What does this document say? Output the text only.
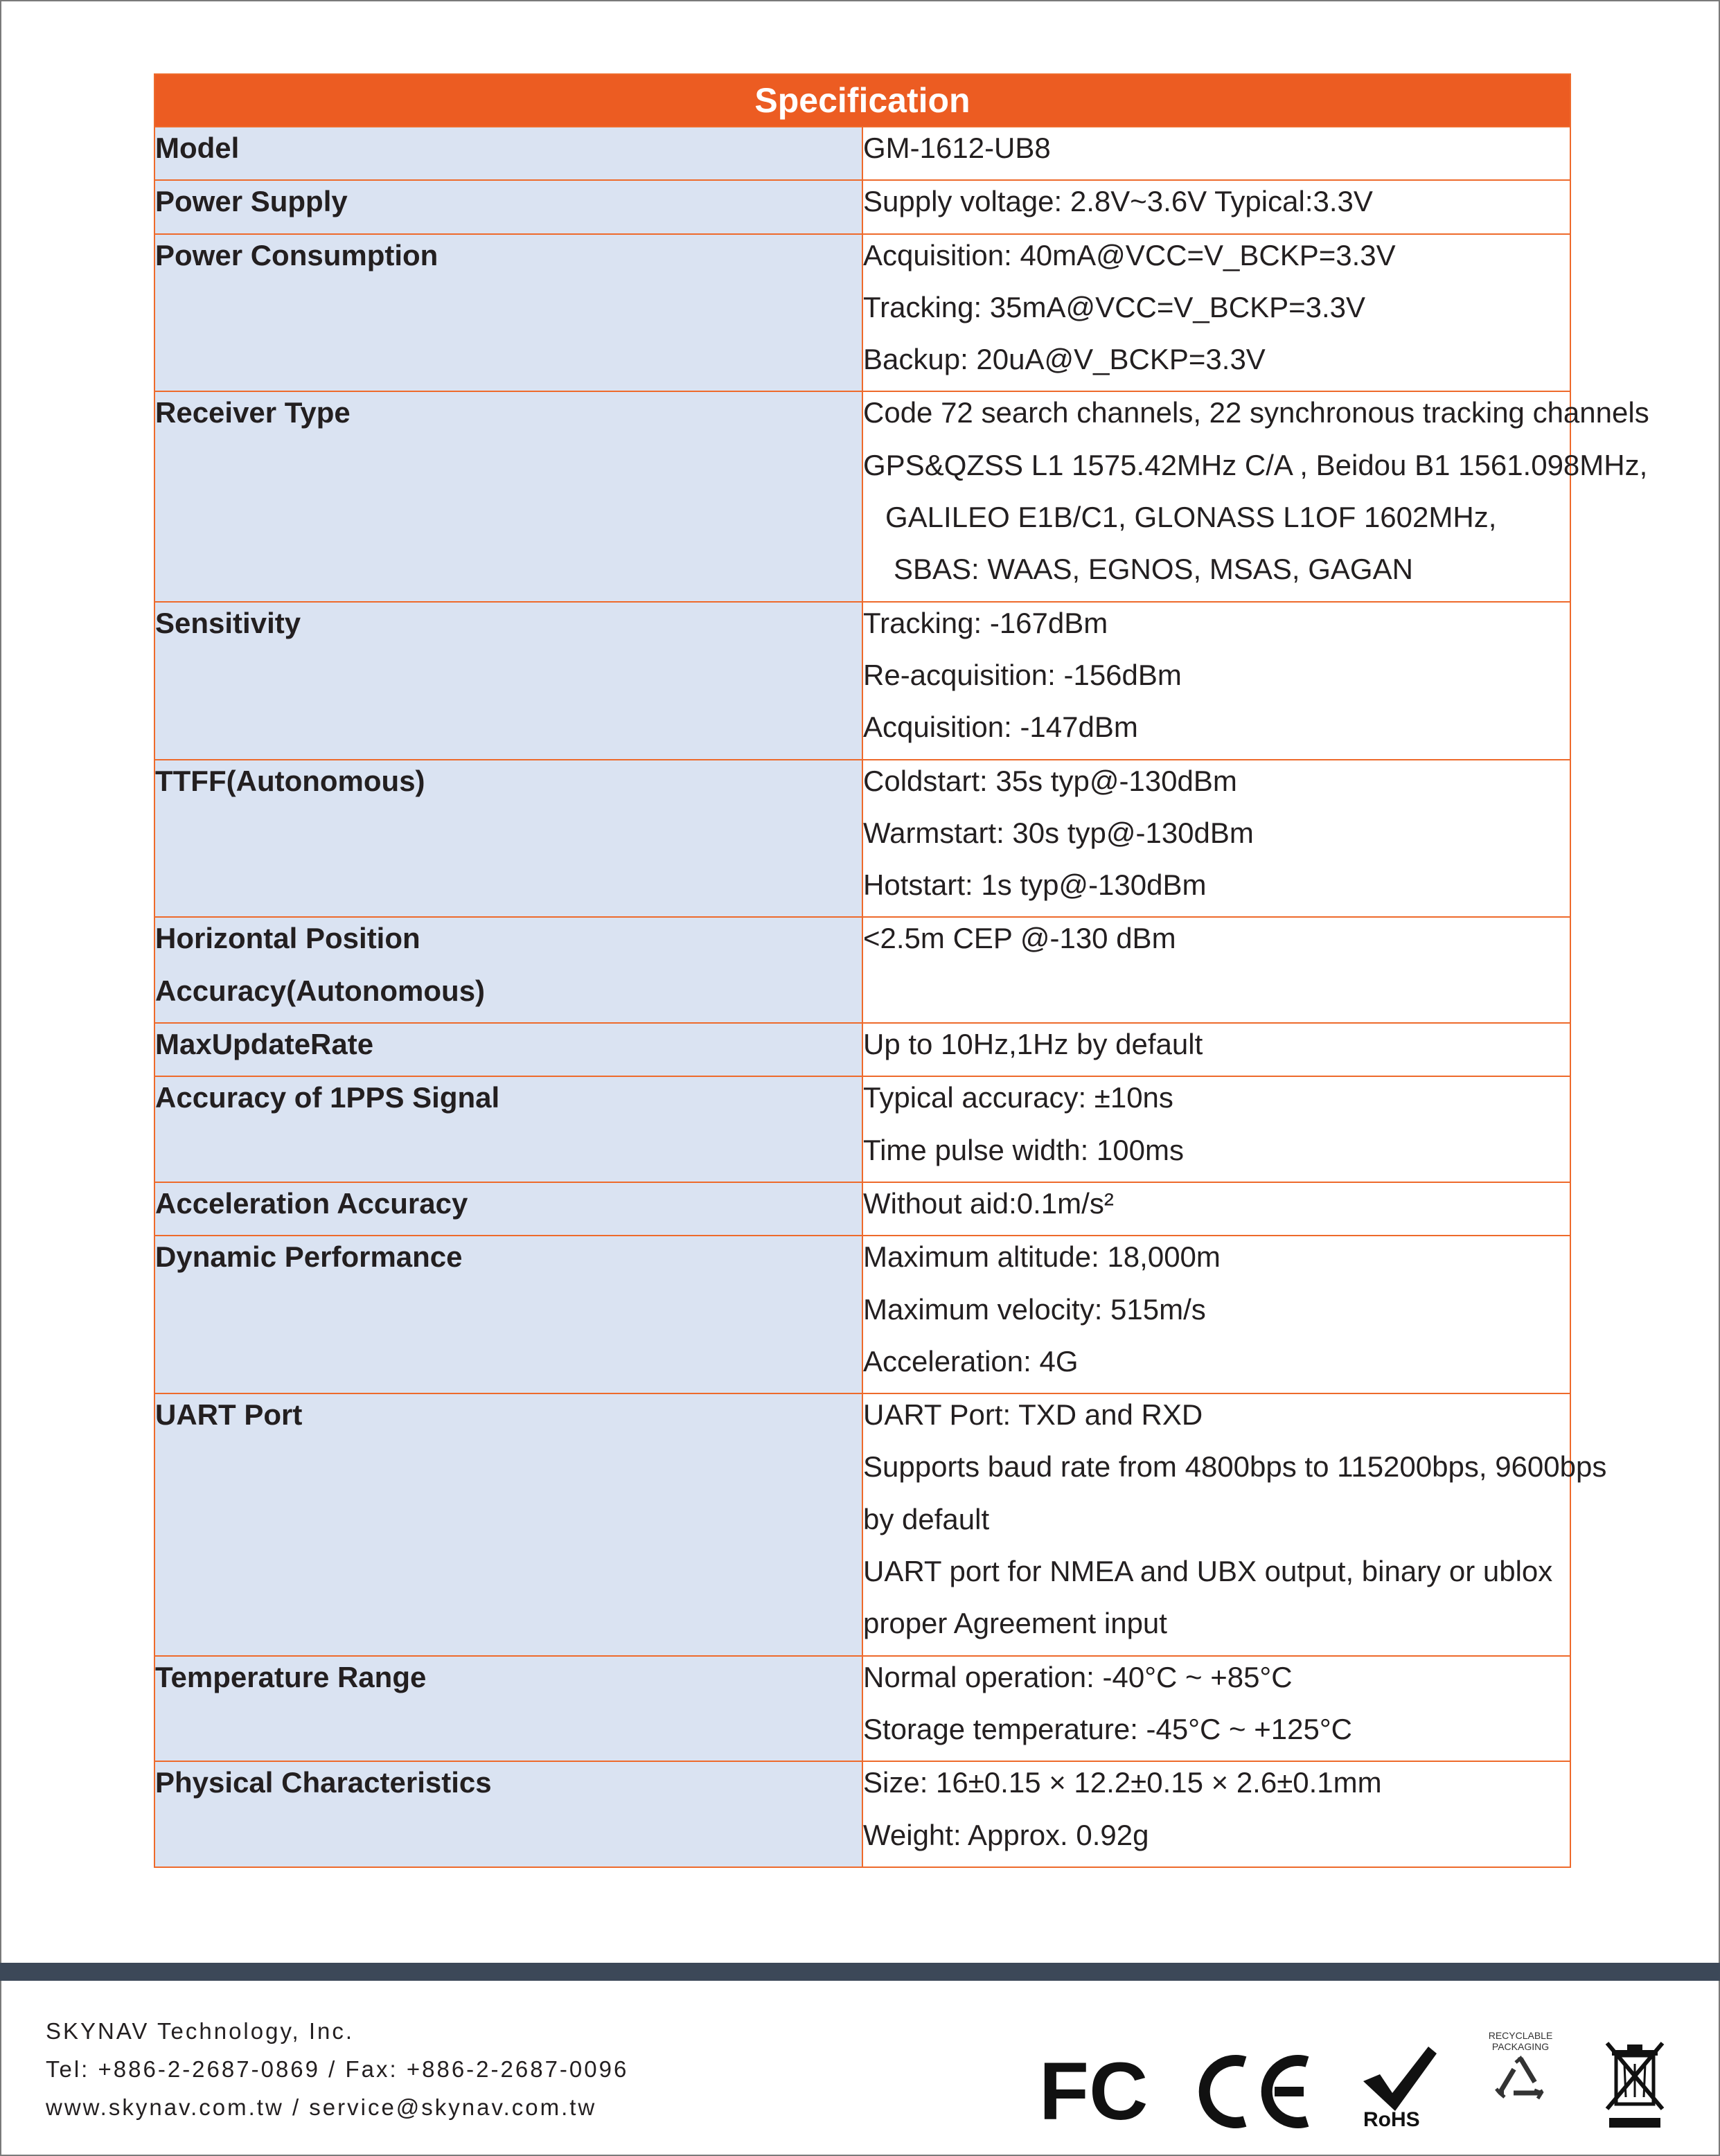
Specification	

Model	GM-1612-UB8

Power Supply	Supply voltage: 2.8V~3.6V Typical:3.3V

Power Consumption	Acquisition: 40mA@VCC=V_BCKP=3.3V
Tracking: 35mA@VCC=V_BCKP=3.3V
Backup: 20uA@V_BCKP=3.3V

Receiver Type	Code 72 search channels, 22 synchronous tracking channels
GPS&QZSS L1 1575.42MHz C/A , Beidou B1 1561.098MHz,
GALILEO E1B/C1, GLONASS L1OF 1602MHz,
SBAS: WAAS, EGNOS, MSAS, GAGAN

Sensitivity	Tracking: -167dBm
Re-acquisition: -156dBm
Acquisition: -147dBm

TTFF(Autonomous)	Coldstart: 35s typ@-130dBm
Warmstart: 30s typ@-130dBm
Hotstart: 1s typ@-130dBm

Horizontal Position
Accuracy(Autonomous)	<2.5m CEP @-130 dBm

MaxUpdateRate	Up to 10Hz,1Hz by default

Accuracy of 1PPS Signal	Typical accuracy: ±10ns
Time pulse width: 100ms

Acceleration Accuracy	Without aid:0.1m/s²

Dynamic Performance	Maximum altitude: 18,000m
Maximum velocity: 515m/s
Acceleration: 4G

UART Port	UART Port: TXD and RXD
Supports baud rate from 4800bps to 115200bps, 9600bps
by default
UART port for NMEA and UBX output, binary or ublox
proper Agreement input

Temperature Range	Normal operation: -40°C ~ +85°C
Storage temperature: -45°C ~ +125°C

Physical Characteristics	Size: 16±0.15 × 12.2±0.15 × 2.6±0.1mm
Weight: Approx. 0.92g
SKYNAV Technology, Inc.
Tel: +886-2-2687-0869 / Fax: +886-2-2687-0096
www.skynav.com.tw / service@skynav.com.tw	FC	RoHS
RECYCLABLE
PACKAGING
